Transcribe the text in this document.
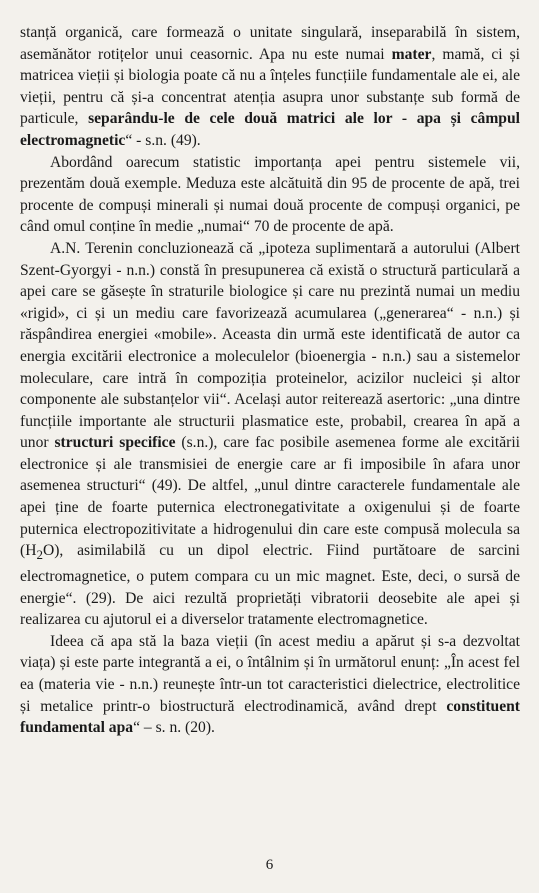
stanță organică, care formează o unitate singulară, inseparabilă în sistem, asemănător rotițelor unui ceasornic. Apa nu este numai mater, mamă, ci și matricea vieții și biologia poate că nu a înțeles funcțiile fundamentale ale ei, ale vieții, pentru că și-a concentrat atenția asupra unor substanțe sub formă de particule, separându-le de cele două matrici ale lor - apa și câmpul electromagnetic“ - s.n. (49).

Abordând oarecum statistic importanța apei pentru sistemele vii, prezentăm două exemple. Meduza este alcătuită din 95 de procente de apă, trei procente de compuși minerali și numai două procente de compuși organici, pe când omul conține în medie „numai“ 70 de procente de apă.

A.N. Terenin concluzionează că „ipoteza suplimentară a autorului (Albert Szent-Gyorgyi - n.n.) constă în presupunerea că există o structură particulară a apei care se găsește în straturile biologice și care nu prezintă numai un mediu «rigid», ci și un mediu care favorizează acumularea („generarea“ - n.n.) și răspândirea energiei «mobile». Aceasta din urmă este identificată de autor ca energia excitării electronice a moleculelor (bioenergia - n.n.) sau a sistemelor moleculare, care intră în compoziția proteinelor, acizilor nucleici și altor componente ale substanțelor vii“. Același autor reiterează asertoric: „una dintre funcțiile importante ale structurii plasmatice este, probabil, crearea în apă a unor structuri specifice (s.n.), care fac posibile asemenea forme ale excitării electronice și ale transmisiei de energie care ar fi imposibile în afara unor asemenea structuri“ (49). De altfel, „unul dintre caracterele fundamentale ale apei ține de foarte puternica electronegativitate a oxigenului și de foarte puternica electropozitivitate a hidrogenului din care este compusă molecula sa $(H_2O)$, asimilabilă cu un dipol electric. Fiind purtătoare de sarcini electromagnetice, o putem compara cu un mic magnet. Este, deci, o sursă de energie“. (29). De aici rezultă proprietăți vibratorii deosebite ale apei și realizarea cu ajutorul ei a diverselor tratamente electromagnetice.

Ideea că apa stă la baza vieții (în acest mediu a apărut și s-a dezvoltat viața) și este parte integrantă a ei, o întâlnim și în următorul enunț: „În acest fel ea (materia vie - n.n.) reunește într-un tot caracteristici dielectrice, electrolitice și metalice printr-o biostructură electrodinamică, având drept constituent fundamental apa“ – s. n. (20).

6
